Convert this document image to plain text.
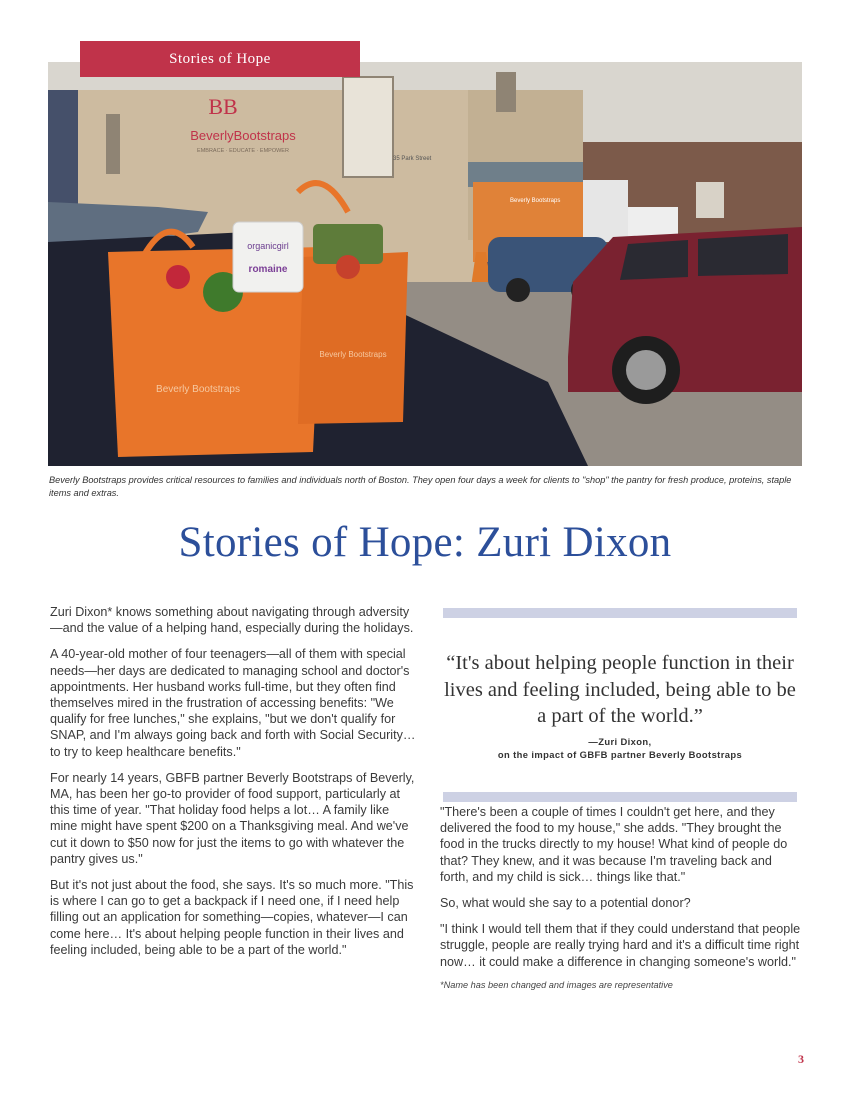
Stories of Hope
BB
BeverlyBootstraps
EMBRACE · EDUCATE · EMPOWER
35 Park Street
Beverly Bootstraps
Beverly Bootstraps
Beverly Bootstraps
organicgirl
romaine
Beverly Bootstraps provides critical resources to families and individuals north of Boston. They open four days a week for clients to "shop" the pantry for fresh produce, proteins, staple items and extras.
Stories of Hope: Zuri Dixon

Zuri Dixon* knows something about navigating through adversity—and the value of a helping hand, especially during the holidays.

A 40-year-old mother of four teenagers—all of them with special needs—her days are dedicated to managing school and doctor's appointments. Her husband works full-time, but they often find themselves mired in the frustration of accessing benefits: "We qualify for free lunches," she explains, "but we don't qualify for SNAP, and I'm always going back and forth with Social Security… to try to keep healthcare benefits."

For nearly 14 years, GBFB partner Beverly Bootstraps of Beverly, MA, has been her go-to provider of food support, particularly at this time of year. "That holiday food helps a lot… A family like mine might have spent $200 on a Thanksgiving meal. And we've cut it down to $50 now for just the items to go with whatever the pantry gives us."

But it's not just about the food, she says. It's so much more. "This is where I can go to get a backpack if I need one, if I need help filling out an application for something—copies, whatever—I can come here… It's about helping people function in their lives and feeling included, being able to be a part of the world."

“It's about helping people function in their lives and feeling included, being able to be a part of the world.”
—Zuri Dixon,
on the impact of GBFB partner Beverly Bootstraps

"There's been a couple of times I couldn't get here, and they delivered the food to my house," she adds. "They brought the food in the trucks directly to my house! What kind of people do that? They knew, and it was because I'm traveling back and forth, and my child is sick… things like that."

So, what would she say to a potential donor?

"I think I would tell them that if they could understand that people struggle, people are really trying hard and it's a difficult time right now… it could make a difference in changing someone's world."

*Name has been changed and images are representative
3
